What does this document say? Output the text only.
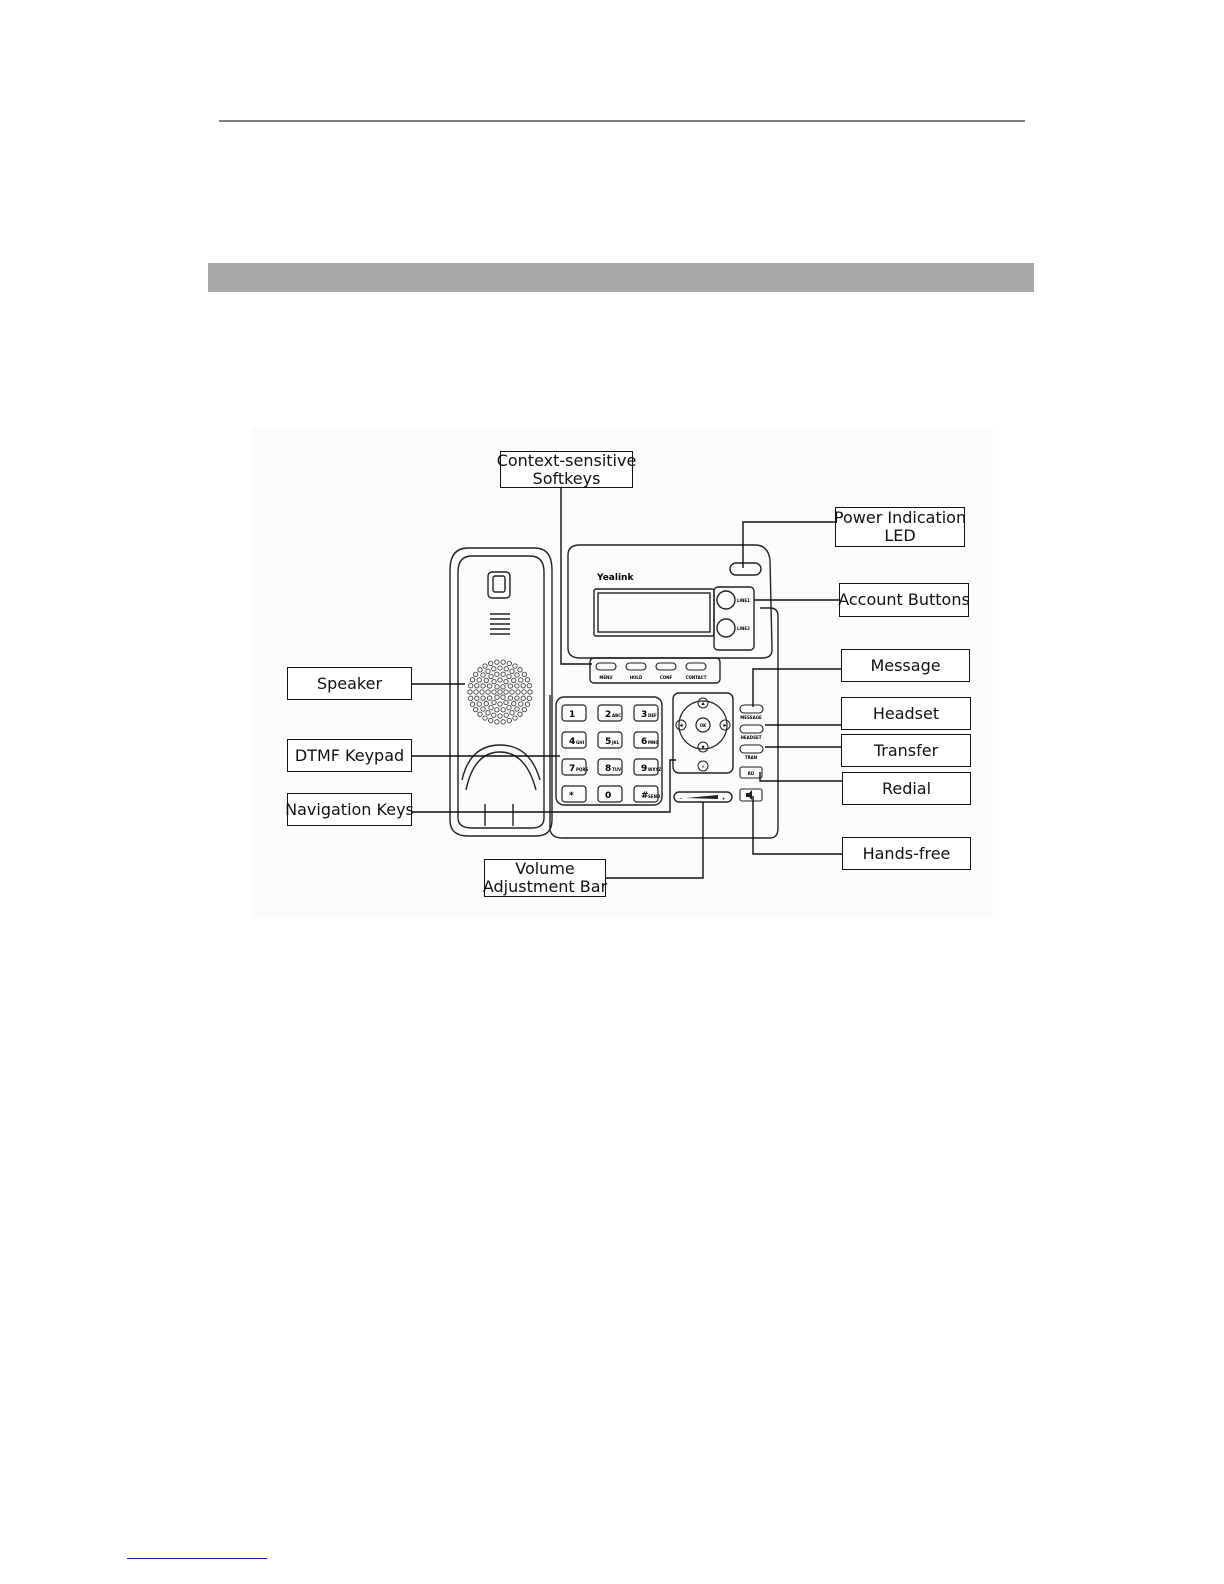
Yealink
LINE1
LINE2
MENU	HOLD	CONF	CONTACT
1	2 ABC 3 DEF
4 GHI 5 JKL 6 MNO
7 PQRS 8 TUV 9 WXYZ
*	0	# SEND
OK
▲
▼
◀	▶
✕
MESSAGE
HEADSET
TRAN
RD
−	+
Context-sensitive
Softkeys
Power Indication
LED
Account Buttons
Message
Speaker
Headset
DTMF Keypad	Transfer
Redial
Navigation Keys
Hands-free
Volume
Adjustment Bar
